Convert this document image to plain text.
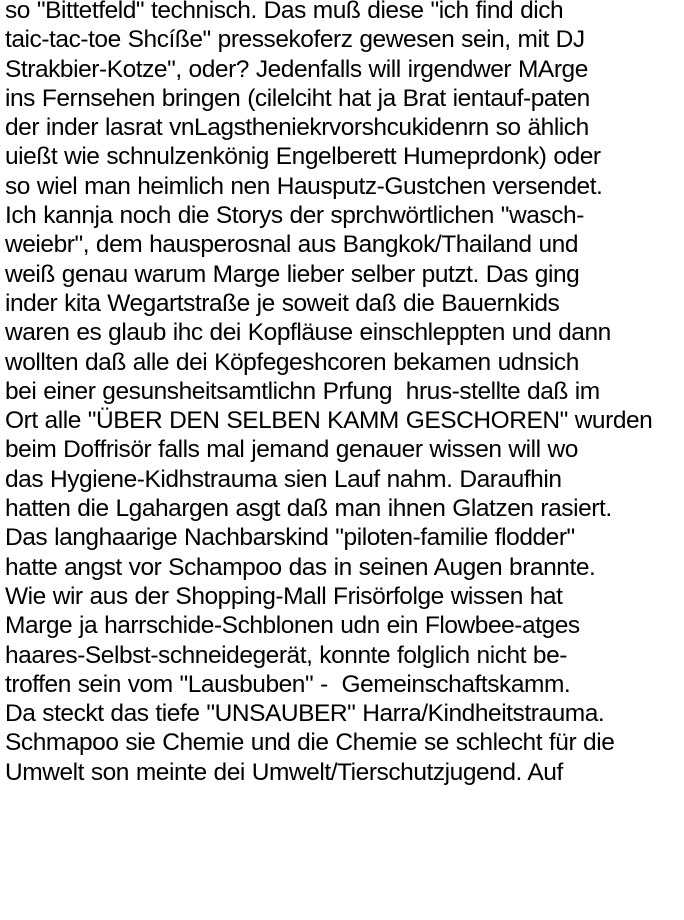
so "Bittetfeld" technisch. Das muß diese "ich find dich
taic-tac-toe Shcíße" pressekoferz gewesen sein, mit DJ
Strakbier-Kotze", oder? Jedenfalls will irgendwer MArge
ins Fernsehen bringen (cilelciht hat ja Brat ientauf-paten
der inder lasrat vnLagstheniekrvorshcukidenrn so ählich
uießt wie schnulzenkönig Engelberett Humeprdonk) oder
so wiel man heimlich nen Hausputz-Gustchen versendet.
Ich kannja noch die Storys der sprchwörtlichen "wasch-
weiebr", dem hausperosnal aus Bangkok/Thailand und
weiß genau warum Marge lieber selber putzt. Das ging
inder kita Wegartstraße je soweit daß die Bauernkids
waren es glaub ihc dei Kopfläuse einschleppten und dann
wollten daß alle dei Köpfegeshcoren bekamen udnsich
bei einer gesunsheitsamtlichn Prfung  hrus-stellte daß im
Ort alle "ÜBER DEN SELBEN KAMM GESCHOREN" wurden
beim Doffrisör falls mal jemand genauer wissen will wo
das Hygiene-Kidhstrauma sien Lauf nahm. Daraufhin
hatten die Lgahargen asgt daß man ihnen Glatzen rasiert.
Das langhaarige Nachbarskind "piloten-familie flodder"
hatte angst vor Schampoo das in seinen Augen brannte.
Wie wir aus der Shopping-Mall Frisörfolge wissen hat
Marge ja harrschide-Schblonen udn ein Flowbee-atges
haares-Selbst-schneidegerät, konnte folglich nicht be-
troffen sein vom "Lausbuben" -  Gemeinschaftskamm.
Da steckt das tiefe "UNSAUBER" Harra/Kindheitstrauma.
Schmapoo sie Chemie und die Chemie se schlecht für die
Umwelt son meinte dei Umwelt/Tierschutzjugend. Auf
